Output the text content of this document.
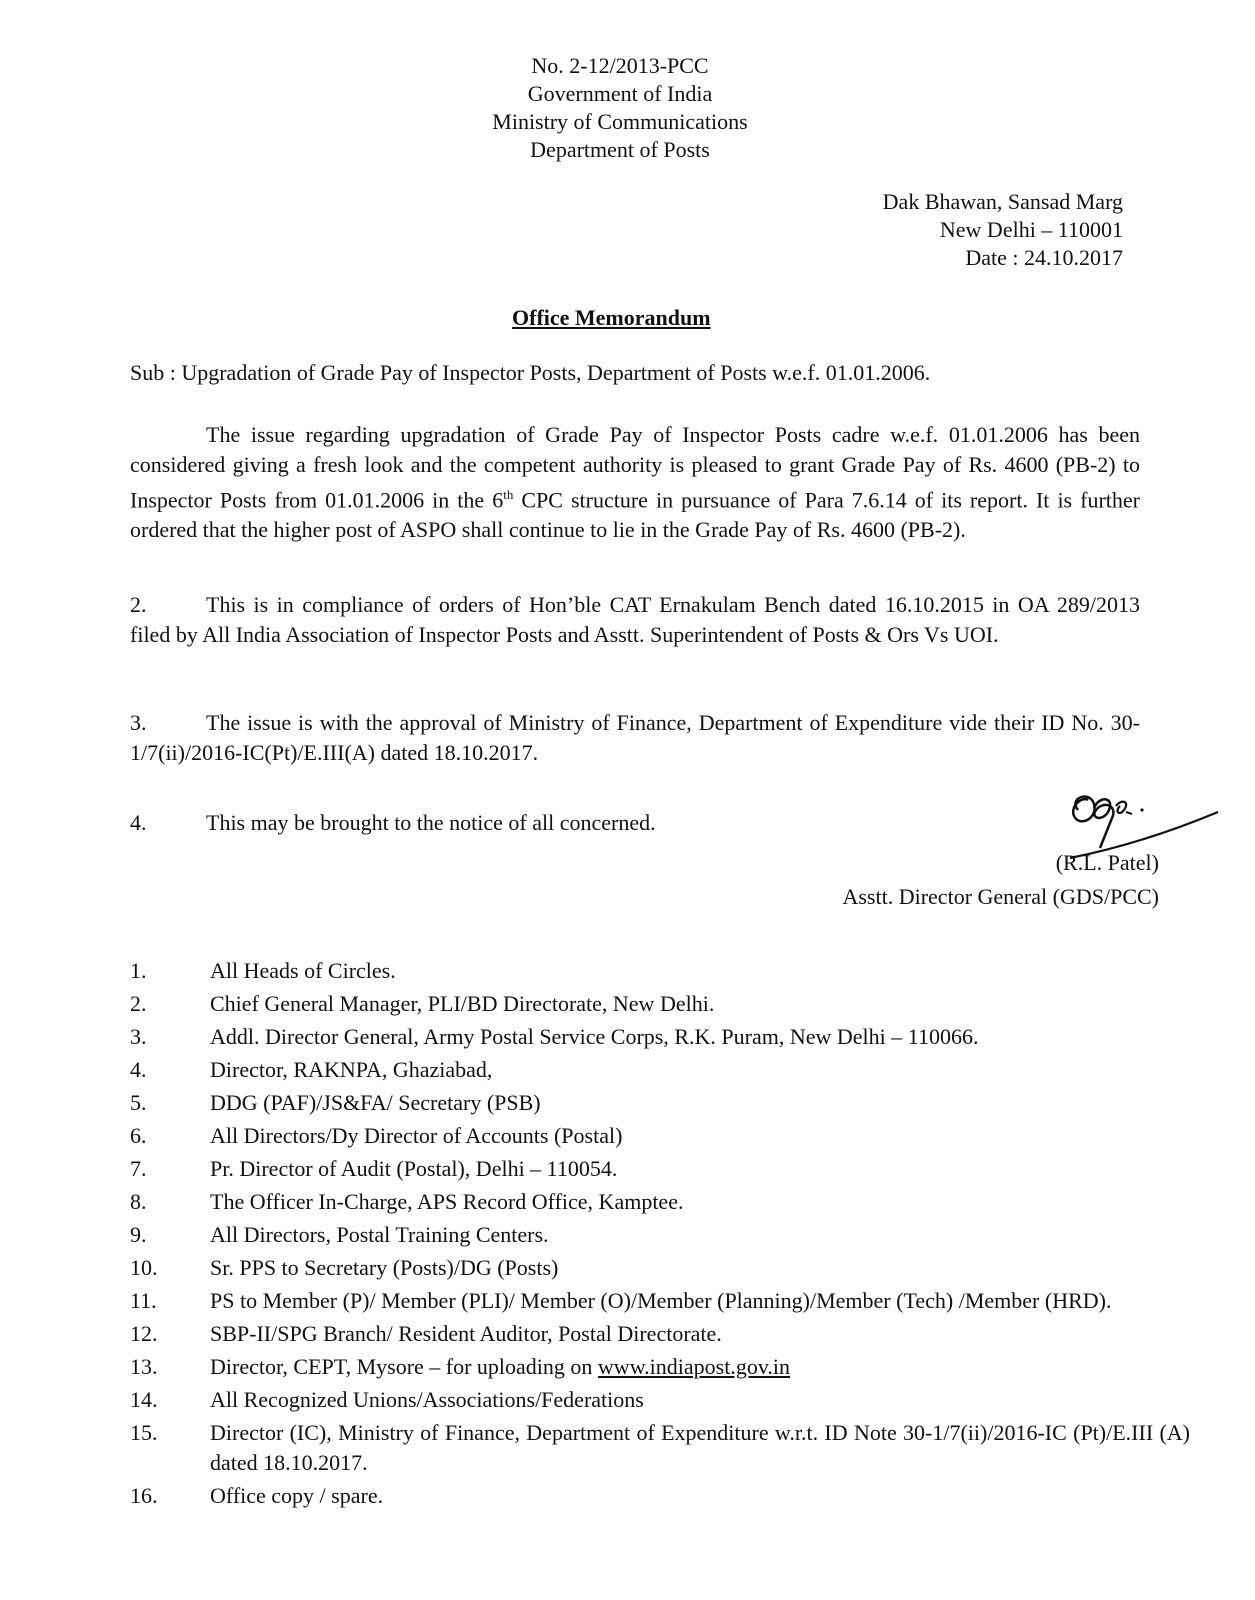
No. 2-12/2013-PCC
Government of India
Ministry of Communications
Department of Posts
Dak Bhawan, Sansad Marg
New Delhi – 110001
Date : 24.10.2017
Office Memorandum
Sub : Upgradation of Grade Pay of Inspector Posts, Department of Posts w.e.f. 01.01.2006.
The issue regarding upgradation of Grade Pay of Inspector Posts cadre w.e.f. 01.01.2006 has been considered giving a fresh look and the competent authority is pleased to grant Grade Pay of Rs. 4600 (PB-2) to Inspector Posts from 01.01.2006 in the 6th CPC structure in pursuance of Para 7.6.14 of its report. It is further ordered that the higher post of ASPO shall continue to lie in the Grade Pay of Rs. 4600 (PB-2).
2.	This is in compliance of orders of Hon’ble CAT Ernakulam Bench dated 16.10.2015 in OA 289/2013 filed by All India Association of Inspector Posts and Asstt. Superintendent of Posts & Ors Vs UOI.
3.	The issue is with the approval of Ministry of Finance, Department of Expenditure vide their ID No. 30-1/7(ii)/2016-IC(Pt)/E.III(A) dated 18.10.2017.
4.	This may be brought to the notice of all concerned.
(R.L. Patel)
Asstt. Director General (GDS/PCC)
1.	All Heads of Circles.
2.	Chief General Manager, PLI/BD Directorate, New Delhi.
3.	Addl. Director General, Army Postal Service Corps, R.K. Puram, New Delhi – 110066.
4.	Director, RAKNPA, Ghaziabad,
5.	DDG (PAF)/JS&FA/ Secretary (PSB)
6.	All Directors/Dy Director of Accounts (Postal)
7.	Pr. Director of Audit (Postal), Delhi – 110054.
8.	The Officer In-Charge, APS Record Office, Kamptee.
9.	All Directors, Postal Training Centers.
10.	Sr. PPS to Secretary (Posts)/DG (Posts)
11.	PS to Member (P)/ Member (PLI)/ Member (O)/Member (Planning)/Member (Tech) /Member (HRD).
12.	SBP-II/SPG Branch/ Resident Auditor, Postal Directorate.
13.	Director, CEPT, Mysore – for uploading on www.indiapost.gov.in
14.	All Recognized Unions/Associations/Federations
15.	Director (IC), Ministry of Finance, Department of Expenditure w.r.t. ID Note 30-1/7(ii)/2016-IC (Pt)/E.III (A) dated 18.10.2017.
16.	Office copy / spare.
